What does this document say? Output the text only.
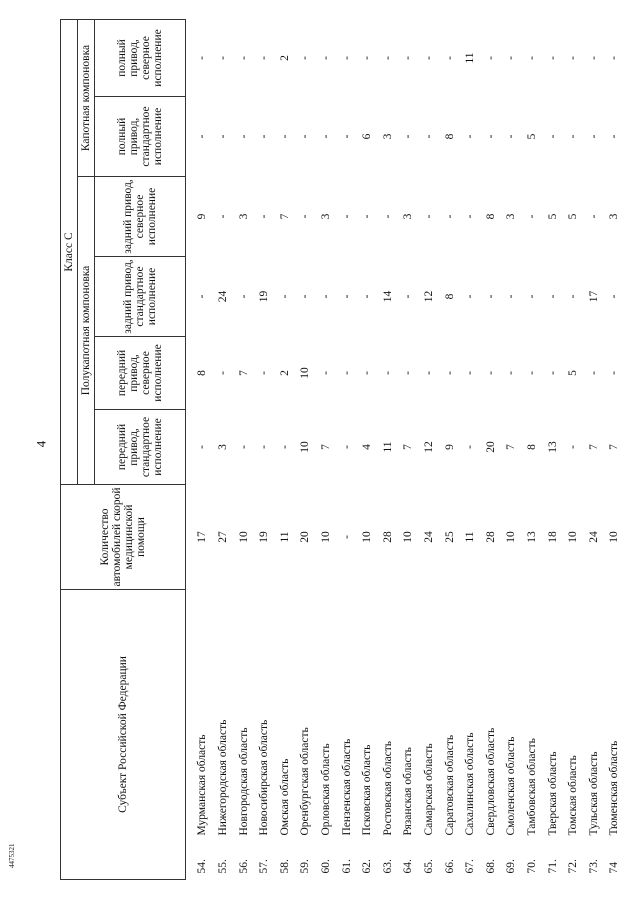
4
4475321
Субъект Российской Федерации		Количество автомобилей скорой медицинской помощи	Класс С					
			Полукапотная компоновка				Капотная компоновка	
			передний привод, стандартное исполнение	передний привод, северное исполнение	задний привод, стандартное исполнение	задний привод, северное исполнение	полный привод, стандартное исполнение	полный привод, северное исполнение
54.	Мурманская область	17	-	8	-	9	-	-
55.	Нижегородская область	27	3	-	24	-	-	-
56.	Новгородская область	10	-	7	-	3	-	-
57.	Новосибирская область	19	-	-	19	-	-	-
58.	Омская область	11	-	2	-	7	-	2
59.	Оренбургская область	20	10	10	-	-	-	-
60.	Орловская область	10	7	-	-	3	-	-
61.	Пензенская область	-	-	-	-	-	-	-
62.	Псковская область	10	4	-	-	-	6	-
63.	Ростовская область	28	11	-	14	-	3	-
64.	Рязанская область	10	7	-	-	3	-	-
65.	Самарская область	24	12	-	12	-	-	-
66.	Саратовская область	25	9	-	8	-	8	-
67.	Сахалинская область	11	-	-	-	-	-	11
68.	Свердловская область	28	20	-	-	8	-	-
69.	Смоленская область	10	7	-	-	3	-	-
70.	Тамбовская область	13	8	-	-	-	5	-
71.	Тверская область	18	13	-	-	5	-	-
72.	Томская область	10	-	5	-	5	-	-
73.	Тульская область	24	7	-	17	-	-	-
74	Тюменская область	10	7	-	-	3	-	-
